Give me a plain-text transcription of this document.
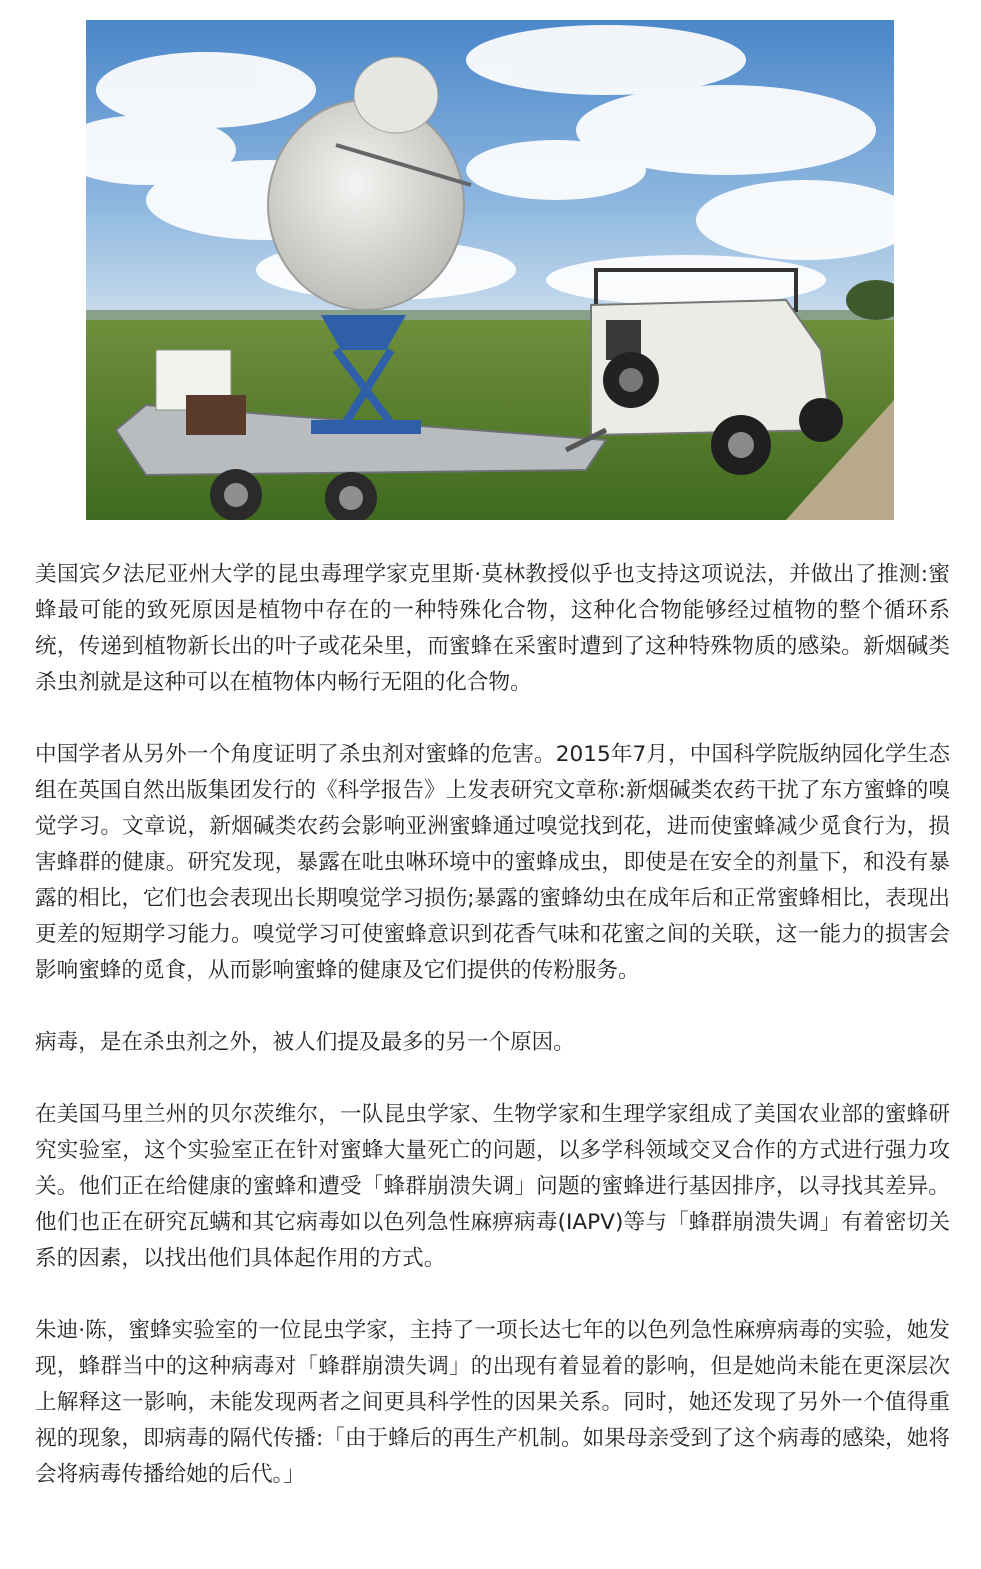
美国宾夕法尼亚州大学的昆虫毒理学家克里斯·莫林教授似乎也支持这项说法，并做出了推测:蜜蜂最可能的致死原因是植物中存在的一种特殊化合物，这种化合物能够经过植物的整个循环系统，传递到植物新长出的叶子或花朵里，而蜜蜂在采蜜时遭到了这种特殊物质的感染。新烟碱类杀虫剂就是这种可以在植物体内畅行无阻的化合物。

中国学者从另外一个角度证明了杀虫剂对蜜蜂的危害。2015年7月，中国科学院版纳园化学生态组在英国自然出版集团发行的《科学报告》上发表研究文章称:新烟碱类农药干扰了东方蜜蜂的嗅觉学习。文章说，新烟碱类农药会影响亚洲蜜蜂通过嗅觉找到花，进而使蜜蜂减少觅食行为，损害蜂群的健康。研究发现，暴露在吡虫啉环境中的蜜蜂成虫，即使是在安全的剂量下，和没有暴露的相比，它们也会表现出长期嗅觉学习损伤;暴露的蜜蜂幼虫在成年后和正常蜜蜂相比，表现出更差的短期学习能力。嗅觉学习可使蜜蜂意识到花香气味和花蜜之间的关联，这一能力的损害会影响蜜蜂的觅食，从而影响蜜蜂的健康及它们提供的传粉服务。

病毒，是在杀虫剂之外，被人们提及最多的另一个原因。

在美国马里兰州的贝尔茨维尔，一队昆虫学家、生物学家和生理学家组成了美国农业部的蜜蜂研究实验室，这个实验室正在针对蜜蜂大量死亡的问题，以多学科领域交叉合作的方式进行强力攻关。他们正在给健康的蜜蜂和遭受「蜂群崩溃失调」问题的蜜蜂进行基因排序，以寻找其差异。他们也正在研究瓦螨和其它病毒如以色列急性麻痹病毒(IAPV)等与「蜂群崩溃失调」有着密切关系的因素，以找出他们具体起作用的方式。

朱迪·陈，蜜蜂实验室的一位昆虫学家，主持了一项长达七年的以色列急性麻痹病毒的实验，她发现，蜂群当中的这种病毒对「蜂群崩溃失调」的出现有着显着的影响，但是她尚未能在更深层次上解释这一影响，未能发现两者之间更具科学性的因果关系。同时，她还发现了另外一个值得重视的现象，即病毒的隔代传播:「由于蜂后的再生产机制。如果母亲受到了这个病毒的感染，她将会将病毒传播给她的后代。」
